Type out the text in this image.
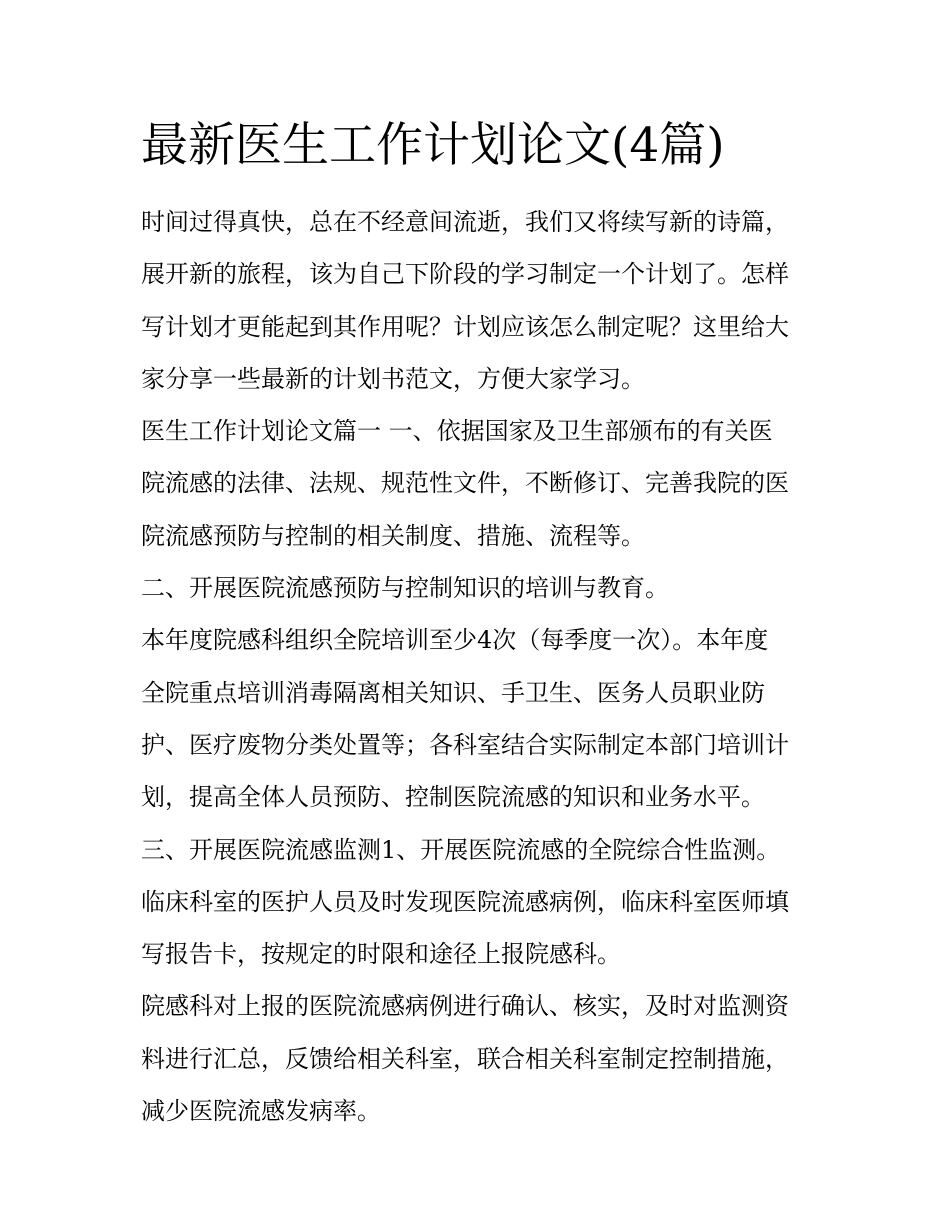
最新医生工作计划论文(4篇)
时间过得真快，总在不经意间流逝，我们又将续写新的诗篇，
展开新的旅程，该为自己下阶段的学习制定一个计划了。怎样
写计划才更能起到其作用呢？计划应该怎么制定呢？这里给大
家分享一些最新的计划书范文，方便大家学习。
医生工作计划论文篇一 一、依据国家及卫生部颁布的有关医
院流感的法律、法规、规范性文件，不断修订、完善我院的医
院流感预防与控制的相关制度、措施、流程等。
二、开展医院流感预防与控制知识的培训与教育。
本年度院感科组织全院培训至少4次（每季度一次）。本年度
全院重点培训消毒隔离相关知识、手卫生、医务人员职业防
护、医疗废物分类处置等；各科室结合实际制定本部门培训计
划，提高全体人员预防、控制医院流感的知识和业务水平。
三、开展医院流感监测1、开展医院流感的全院综合性监测。
临床科室的医护人员及时发现医院流感病例，临床科室医师填
写报告卡，按规定的时限和途径上报院感科。
院感科对上报的医院流感病例进行确认、核实，及时对监测资
料进行汇总，反馈给相关科室，联合相关科室制定控制措施，
减少医院流感发病率。
